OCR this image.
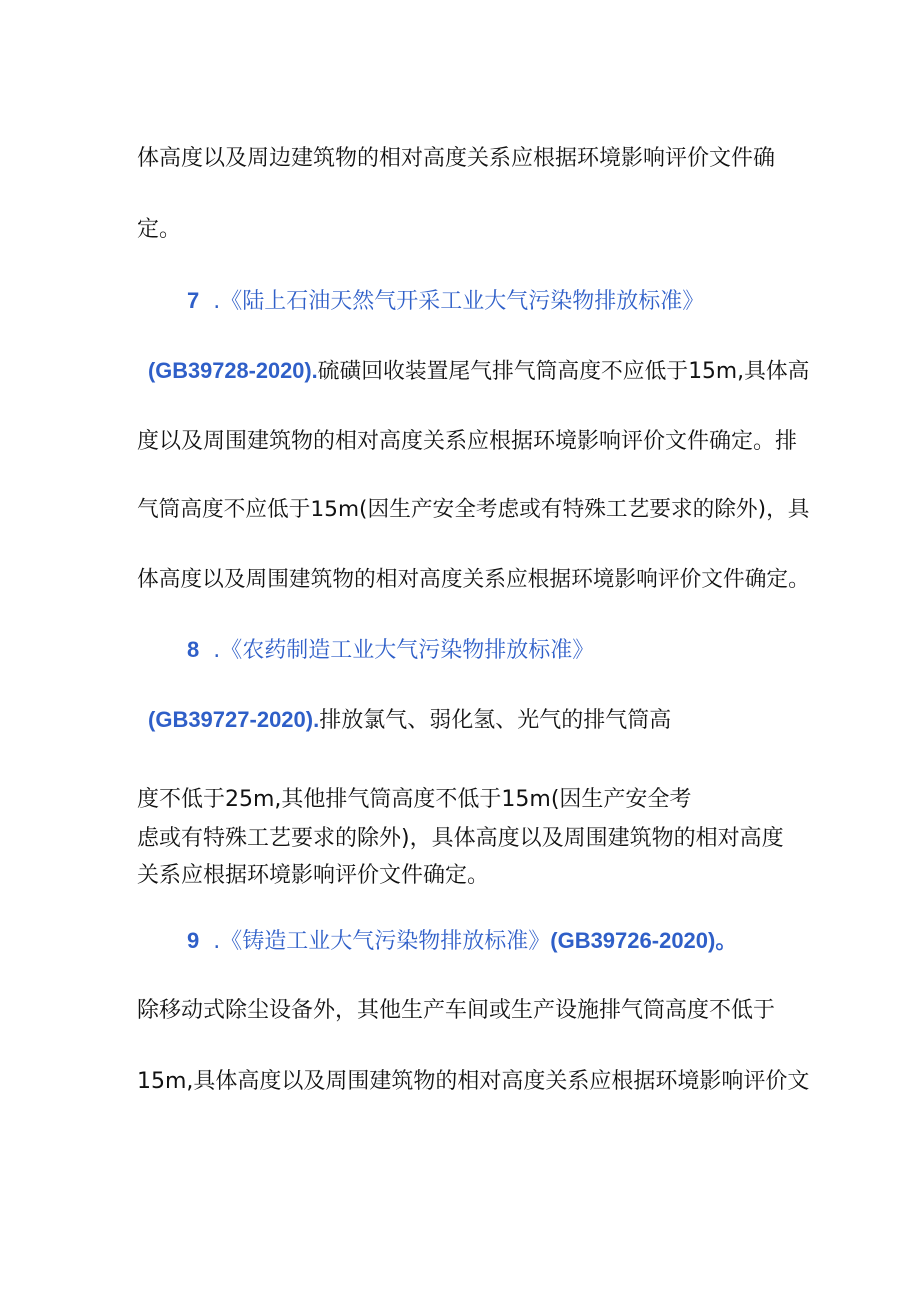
体高度以及周边建筑物的相对高度关系应根据环境影响评价文件确
定。
7 .《陆上石油天然气开采工业大气污染物排放标准》
(GB39728-2020).硫磺回收装置尾气排气筒高度不应低于15m,具体高
度以及周围建筑物的相对高度关系应根据环境影响评价文件确定。排
气筒高度不应低于15m(因生产安全考虑或有特殊工艺要求的除外)，具
体高度以及周围建筑物的相对高度关系应根据环境影响评价文件确定。
8 .《农药制造工业大气污染物排放标准》
(GB39727-2020).排放氯气、弱化氢、光气的排气筒高
度不低于25m,其他排气筒高度不低于15m(因生产安全考
虑或有特殊工艺要求的除外)，具体高度以及周围建筑物的相对高度
关系应根据环境影响评价文件确定。
9 .《铸造工业大气污染物排放标准》(GB39726-2020)。
除移动式除尘设备外，其他生产车间或生产设施排气筒高度不低于
15m,具体高度以及周围建筑物的相对高度关系应根据环境影响评价文
